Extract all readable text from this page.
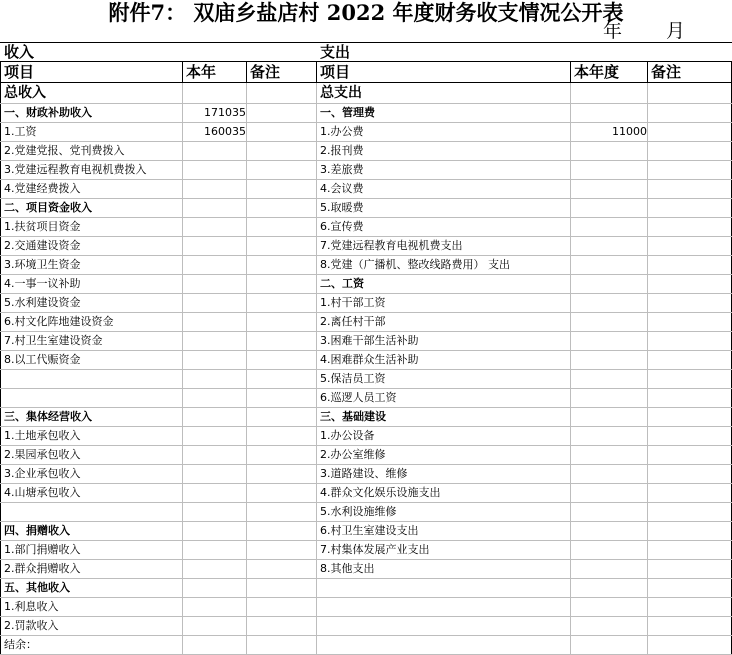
附件7： 双庙乡盐店村 2022 年度财务收支情况公开表
年 月
收入	支出
项目	本年	备注	项目	本年度	备注
总收入			总支出		
一、财政补助收入	171035		一、管理费		
1.工资	160035		1.办公费	11000	
2.党建党报、党刊费拨入			2.报刊费		
3.党建远程教育电视机费拨入			3.差旅费		
4.党建经费拨入			4.会议费		
二、项目资金收入			5.取暖费		
1.扶贫项目资金			6.宣传费		
2.交通建设资金			7.党建远程教育电视机费支出		
3.环境卫生资金			8.党建（广播机、整改线路费用） 支出		
4.一事一议补助			二、工资		
5.水利建设资金			1.村干部工资		
6.村文化阵地建设资金			2.离任村干部		
7.村卫生室建设资金			3.困难干部生活补助		
8.以工代赈资金			4.困难群众生活补助		
			5.保洁员工资		
			6.巡逻人员工资		
三、集体经营收入			三、基础建设		
1.土地承包收入			1.办公设备		
2.果园承包收入			2.办公室维修		
3.企业承包收入			3.道路建设、维修		
4.山塘承包收入			4.群众文化娱乐设施支出		
			5.水利设施维修		
四、捐赠收入			6.村卫生室建设支出		
1.部门捐赠收入			7.村集体发展产业支出		
2.群众捐赠收入			8.其他支出		
五、其他收入					
1.利息收入					
2.罚款收入					
结余：					
